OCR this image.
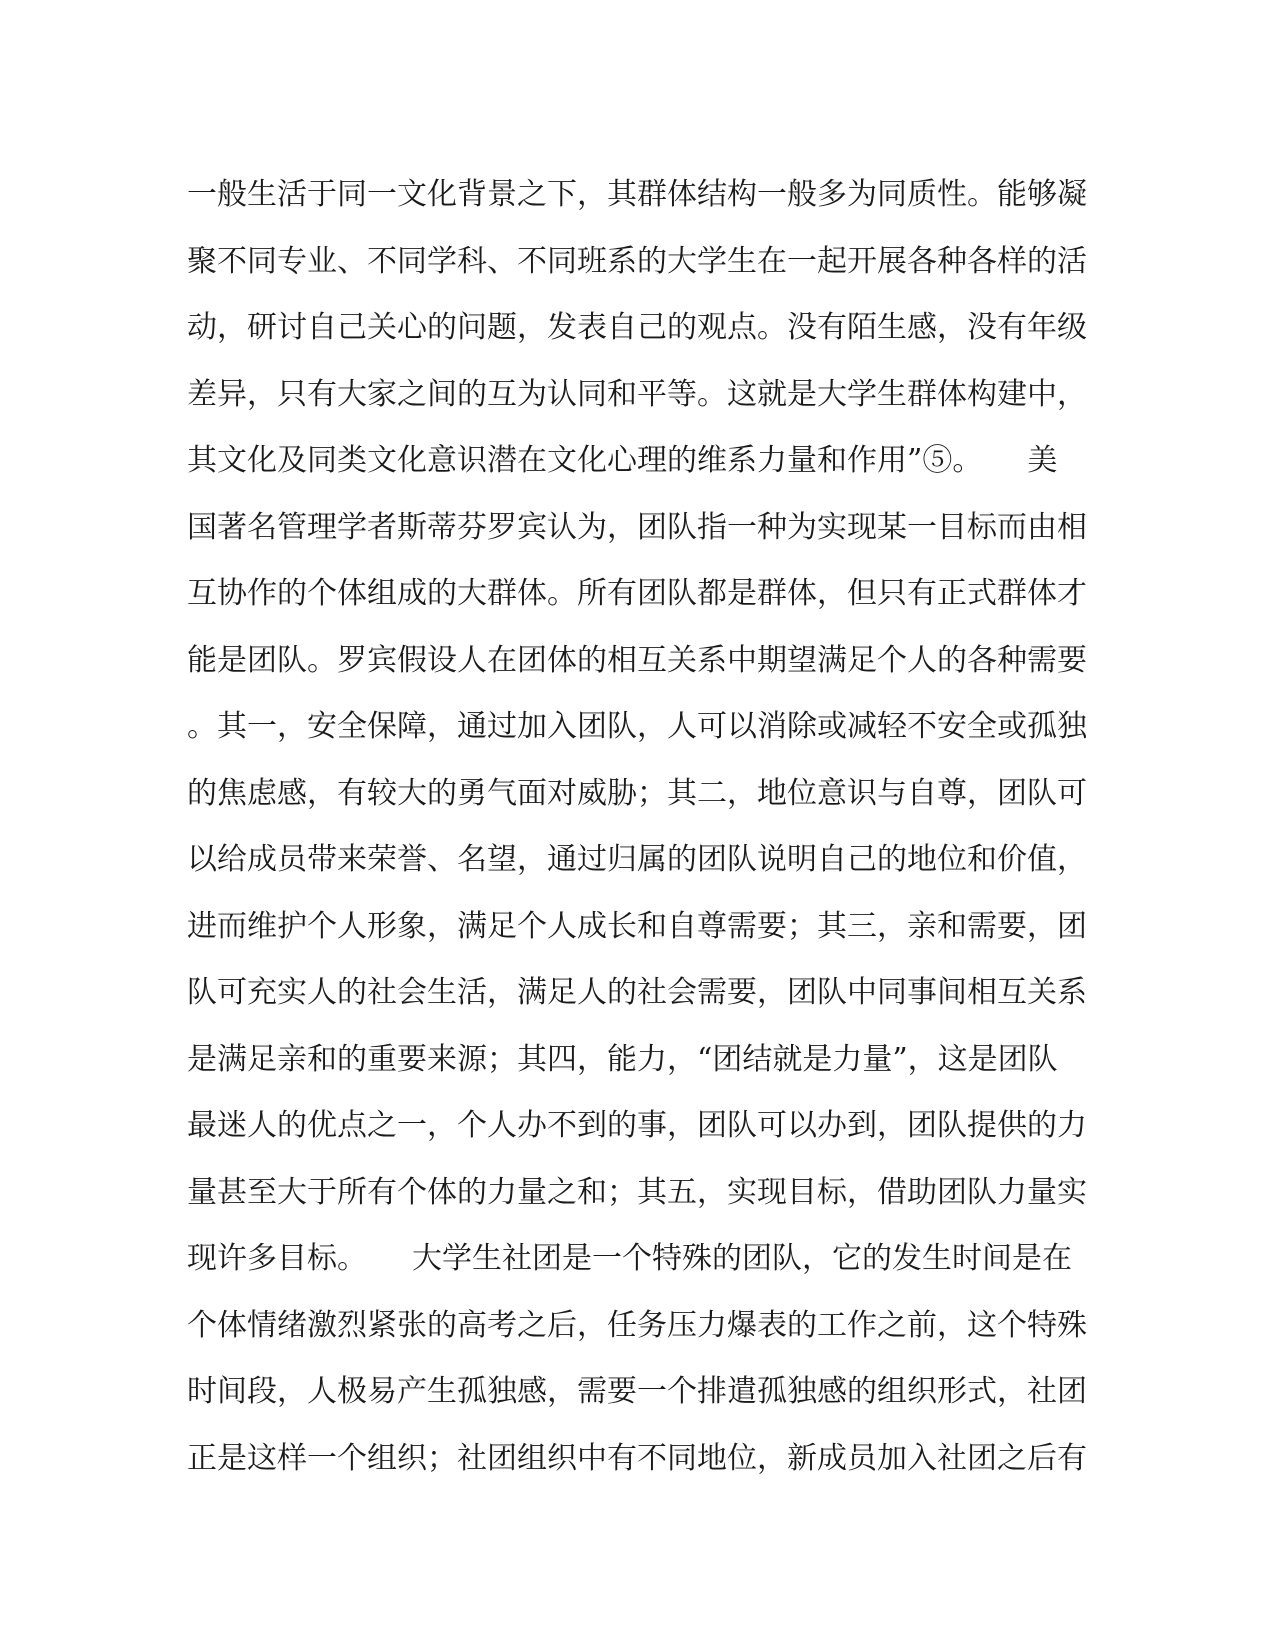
一般生活于同一文化背景之下，其群体结构一般多为同质性。能够凝
聚不同专业、不同学科、不同班系的大学生在一起开展各种各样的活
动，研讨自己关心的问题，发表自己的观点。没有陌生感，没有年级
差异，只有大家之间的互为认同和平等。这就是大学生群体构建中，
其文化及同类文化意识潜在文化心理的维系力量和作用”⑤。　　美
国著名管理学者斯蒂芬罗宾认为，团队指一种为实现某一目标而由相
互协作的个体组成的大群体。所有团队都是群体，但只有正式群体才
能是团队。罗宾假设人在团体的相互关系中期望满足个人的各种需要
。其一，安全保障，通过加入团队，人可以消除或减轻不安全或孤独
的焦虑感，有较大的勇气面对威胁；其二，地位意识与自尊，团队可
以给成员带来荣誉、名望，通过归属的团队说明自己的地位和价值，
进而维护个人形象，满足个人成长和自尊需要；其三，亲和需要，团
队可充实人的社会生活，满足人的社会需要，团队中同事间相互关系
是满足亲和的重要来源；其四，能力，“团结就是力量”，这是团队
最迷人的优点之一，个人办不到的事，团队可以办到，团队提供的力
量甚至大于所有个体的力量之和；其五，实现目标，借助团队力量实
现许多目标。　　大学生社团是一个特殊的团队，它的发生时间是在
个体情绪激烈紧张的高考之后，任务压力爆表的工作之前，这个特殊
时间段，人极易产生孤独感，需要一个排遣孤独感的组织形式，社团
正是这样一个组织；社团组织中有不同地位，新成员加入社团之后有
